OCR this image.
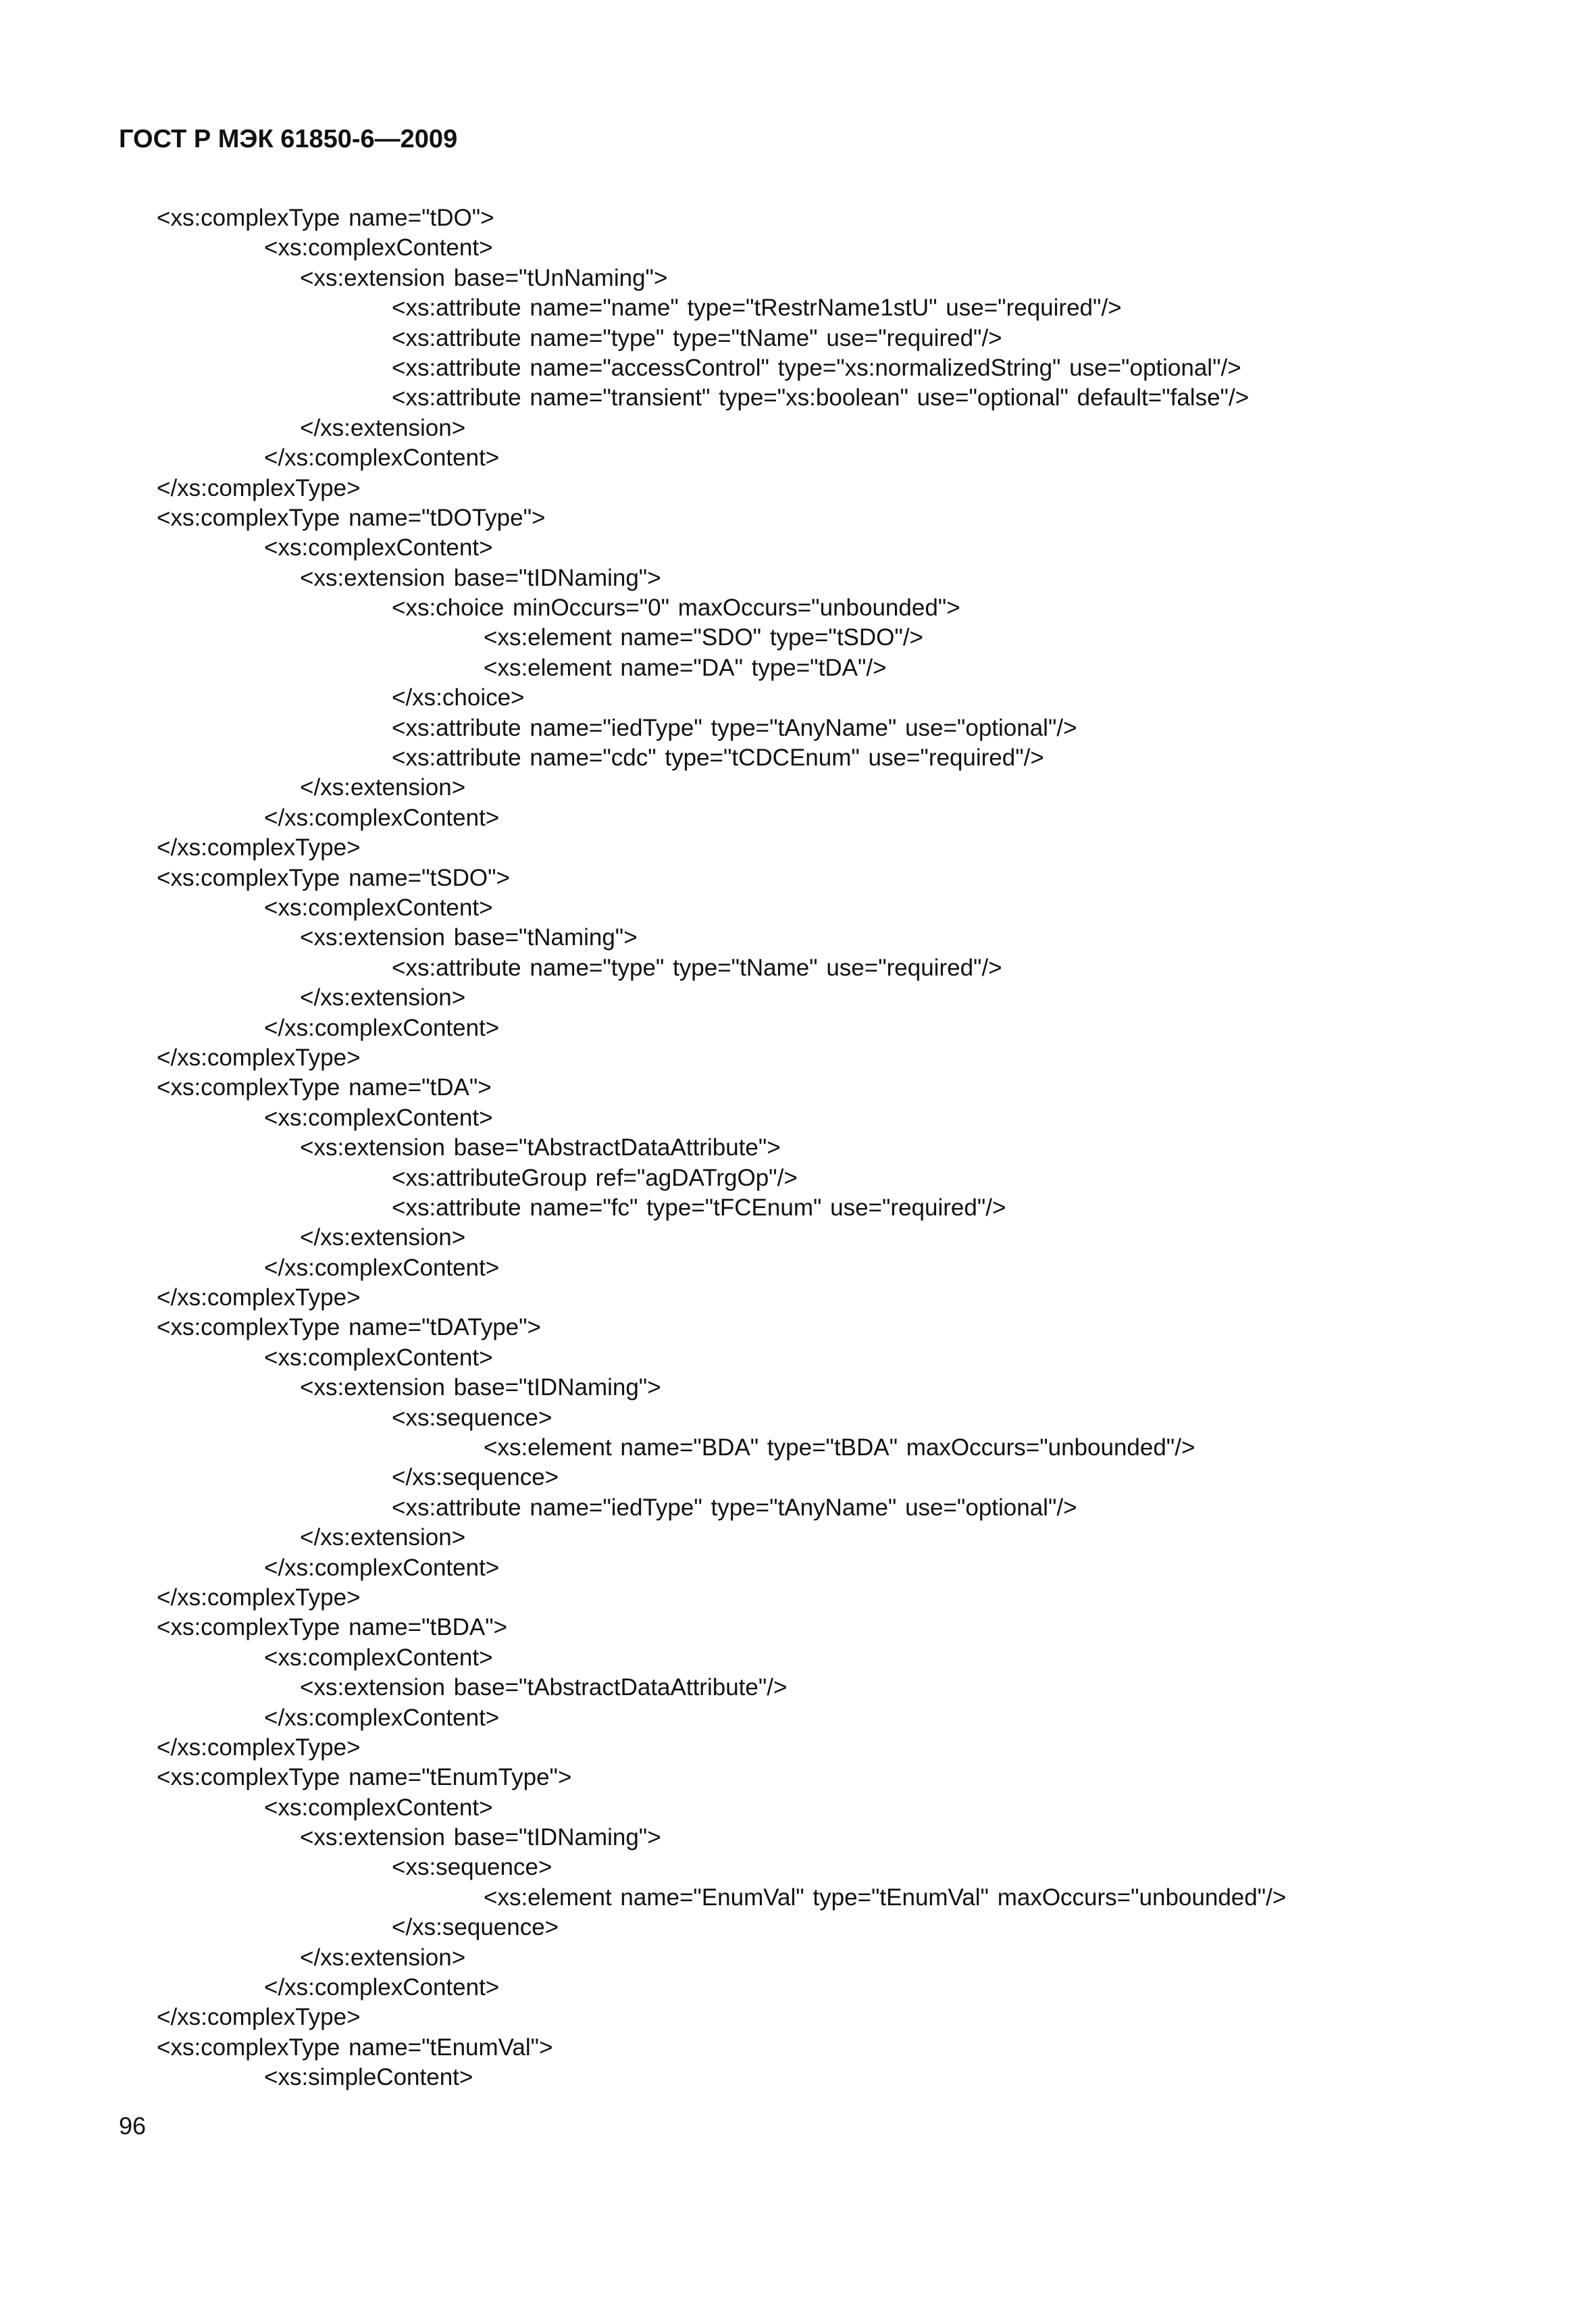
ГОСТ Р МЭК 61850-6—2009
<xs:complexType name="tDO">
<xs:complexContent>
<xs:extension base="tUnNaming">
<xs:attribute name="name" type="tRestrName1stU" use="required"/>
<xs:attribute name="type" type="tName" use="required"/>
<xs:attribute name="accessControl" type="xs:normalizedString" use="optional"/>
<xs:attribute name="transient" type="xs:boolean" use="optional" default="false"/>
</xs:extension>
</xs:complexContent>
</xs:complexType>
<xs:complexType name="tDOType">
<xs:complexContent>
<xs:extension base="tIDNaming">
<xs:choice minOccurs="0" maxOccurs="unbounded">
<xs:element name="SDO" type="tSDO"/>
<xs:element name="DA" type="tDA"/>
</xs:choice>
<xs:attribute name="iedType" type="tAnyName" use="optional"/>
<xs:attribute name="cdc" type="tCDCEnum" use="required"/>
</xs:extension>
</xs:complexContent>
</xs:complexType>
<xs:complexType name="tSDO">
<xs:complexContent>
<xs:extension base="tNaming">
<xs:attribute name="type" type="tName" use="required"/>
</xs:extension>
</xs:complexContent>
</xs:complexType>
<xs:complexType name="tDA">
<xs:complexContent>
<xs:extension base="tAbstractDataAttribute">
<xs:attributeGroup ref="agDATrgOp"/>
<xs:attribute name="fc" type="tFCEnum" use="required"/>
</xs:extension>
</xs:complexContent>
</xs:complexType>
<xs:complexType name="tDAType">
<xs:complexContent>
<xs:extension base="tIDNaming">
<xs:sequence>
<xs:element name="BDA" type="tBDA" maxOccurs="unbounded"/>
</xs:sequence>
<xs:attribute name="iedType" type="tAnyName" use="optional"/>
</xs:extension>
</xs:complexContent>
</xs:complexType>
<xs:complexType name="tBDA">
<xs:complexContent>
<xs:extension base="tAbstractDataAttribute"/>
</xs:complexContent>
</xs:complexType>
<xs:complexType name="tEnumType">
<xs:complexContent>
<xs:extension base="tIDNaming">
<xs:sequence>
<xs:element name="EnumVal" type="tEnumVal" maxOccurs="unbounded"/>
</xs:sequence>
</xs:extension>
</xs:complexContent>
</xs:complexType>
<xs:complexType name="tEnumVal">
<xs:simpleContent>
96
